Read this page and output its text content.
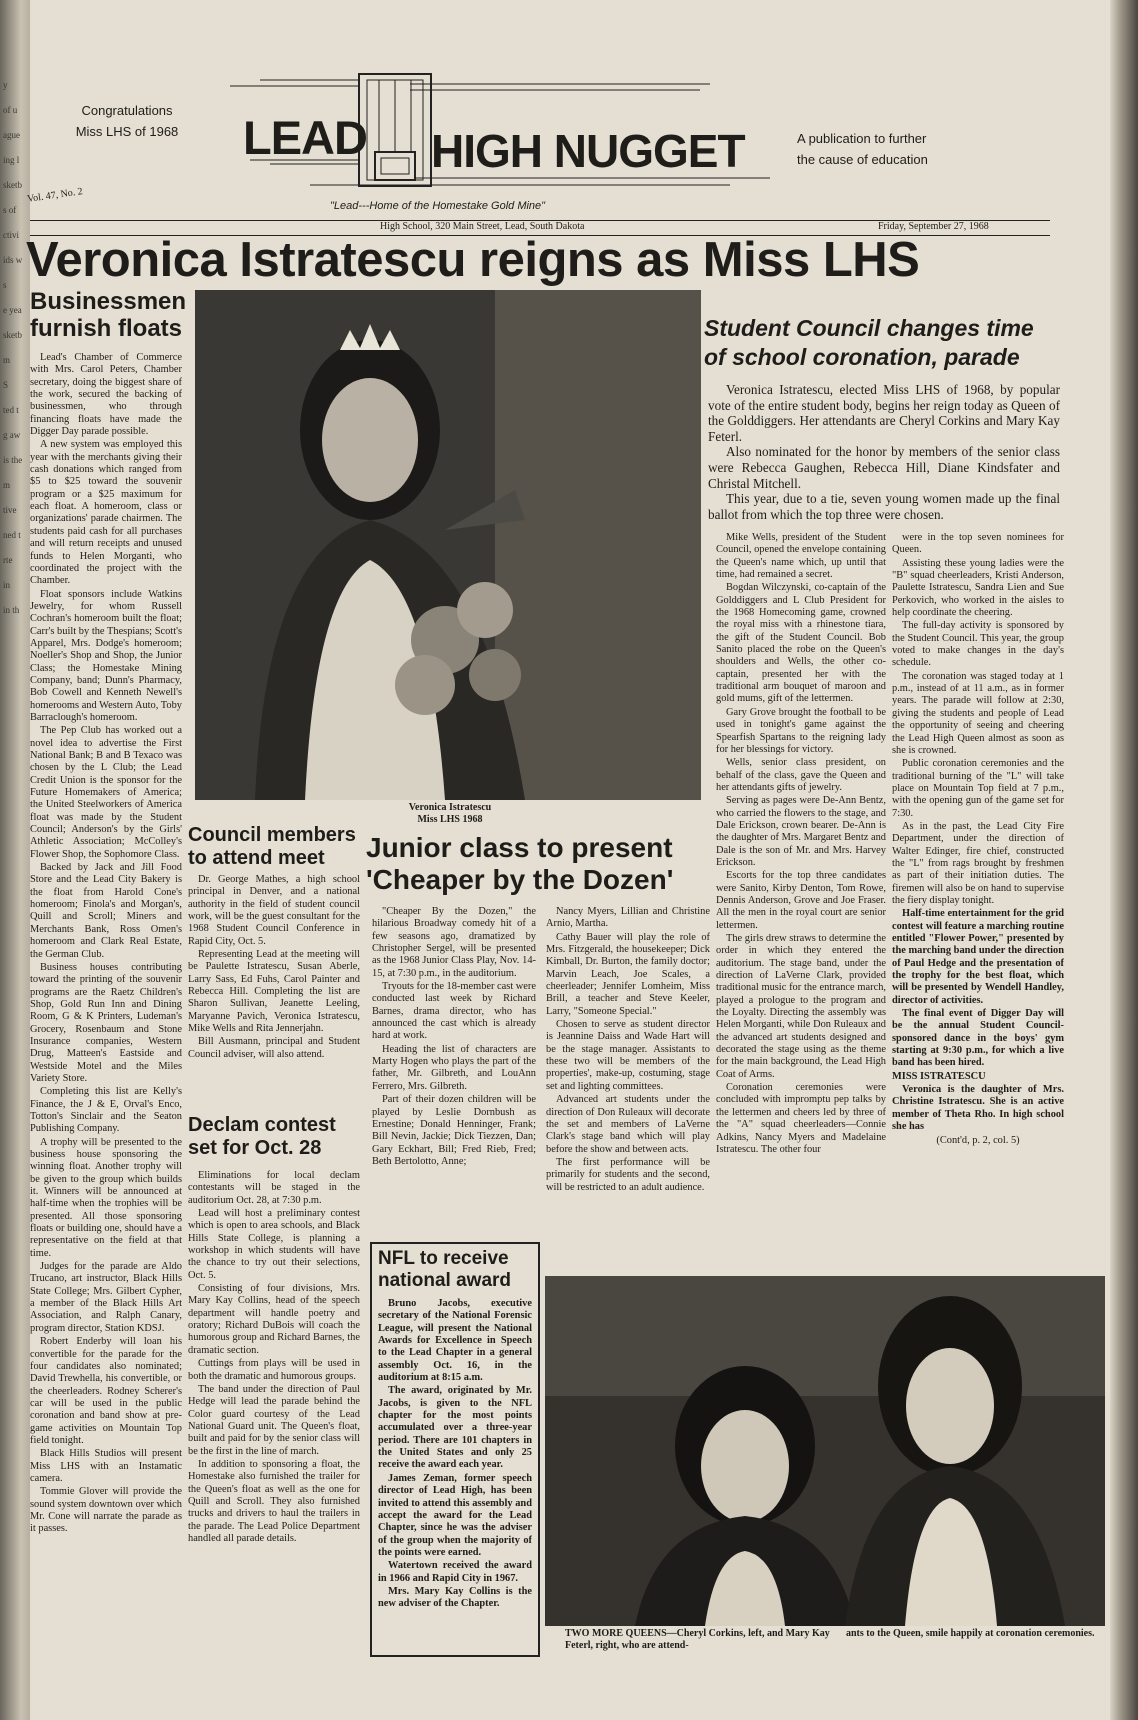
y
of u
ague
ing l
sketb
s of
ctivi
ids w
s
e yea
sketb
m
S
ted t
g aw
is the
m
tive
ned t
rte
in
in th
Congratulations
Miss LHS of 1968	LEAD HIGH NUGGET
"Lead---Home of the Homestake Gold Mine"
A publication to further
the cause of education
Vol. 47, No. 2
High School, 320 Main Street, Lead, South Dakota	Friday, September 27, 1968
Veronica Istratescu reigns as Miss LHS
Businessmen
furnish floats

Lead's Chamber of Commerce with Mrs. Carol Peters, Chamber secretary, doing the biggest share of the work, secured the backing of businessmen, who through financing floats have made the Digger Day parade possible.

A new system was employed this year with the merchants giving their cash donations which ranged from $5 to $25 toward the souvenir program or a $25 maximum for each float. A homeroom, class or organizations' parade chairmen. The students paid cash for all purchases and will return receipts and unused funds to Helen Morganti, who coordinated the project with the Chamber.

Float sponsors include Watkins Jewelry, for whom Russell Cochran's homeroom built the float; Carr's built by the Thespians; Scott's Apparel, Mrs. Dodge's homeroom; Noeller's Shop and Shop, the Junior Class; the Homestake Mining Company, band; Dunn's Pharmacy, Bob Cowell and Kenneth Newell's homerooms and Western Auto, Toby Barraclough's homeroom.

The Pep Club has worked out a novel idea to advertise the First National Bank; B and B Texaco was chosen by the L Club; the Lead Credit Union is the sponsor for the Future Homemakers of America; the United Steelworkers of America float was made by the Student Council; Anderson's by the Girls' Athletic Association; McColley's Flower Shop, the Sophomore Class.

Backed by Jack and Jill Food Store and the Lead City Bakery is the float from Harold Cone's homeroom; Finola's and Morgan's, Quill and Scroll; Miners and Merchants Bank, Ross Omen's homeroom and Clark Real Estate, the German Club.

Business houses contributing toward the printing of the souvenir programs are the Raetz Children's Shop, Gold Run Inn and Dining Room, G & K Printers, Ludeman's Grocery, Rosenbaum and Stone Insurance companies, Western Drug, Matteen's Eastside and Westside Motel and the Miles Variety Store.

Completing this list are Kelly's Finance, the J & E, Orval's Enco, Totton's Sinclair and the Seaton Publishing Company.

A trophy will be presented to the business house sponsoring the winning float. Another trophy will be given to the group which builds it. Winners will be announced at half-time when the trophies will be presented. All those sponsoring floats or building one, should have a representative on the field at that time.

Judges for the parade are Aldo Trucano, art instructor, Black Hills State College; Mrs. Gilbert Cypher, a member of the Black Hills Art Association, and Ralph Canary, program director, Station KDSJ.

Robert Enderby will loan his convertible for the parade for the four candidates also nominated; David Trewhella, his convertible, or the cheerleaders. Rodney Scherer's car will be used in the public coronation and band show at pre-game activities on Mountain Top field tonight.

Black Hills Studios will present Miss LHS with an Instamatic camera.

Tommie Glover will provide the sound system downtown over which Mr. Cone will narrate the parade as it passes.

Veronica Istratescu
Miss LHS 1968
Council members
to attend meet

Dr. George Mathes, a high school principal in Denver, and a national authority in the field of student council work, will be the guest consultant for the 1968 Student Council Conference in Rapid City, Oct. 5.

Representing Lead at the meeting will be Paulette Istratescu, Susan Aberle, Larry Sass, Ed Fuhs, Carol Painter and Rebecca Hill. Completing the list are Sharon Sullivan, Jeanette Leeling, Maryanne Pavich, Veronica Istratescu, Mike Wells and Rita Jennerjahn.

Bill Ausmann, principal and Student Council adviser, will also attend.

Declam contest
set for Oct. 28

Eliminations for local declam contestants will be staged in the auditorium Oct. 28, at 7:30 p.m.

Lead will host a preliminary contest which is open to area schools, and Black Hills State College, is planning a workshop in which students will have the chance to try out their selections, Oct. 5.

Consisting of four divisions, Mrs. Mary Kay Collins, head of the speech department will handle poetry and oratory; Richard DuBois will coach the humorous group and Richard Barnes, the dramatic section.

Cuttings from plays will be used in both the dramatic and humorous groups.

The band under the direction of Paul Hedge will lead the parade behind the Color guard courtesy of the Lead National Guard unit. The Queen's float, built and paid for by the senior class will be the first in the line of march.

In addition to sponsoring a float, the Homestake also furnished the trailer for the Queen's float as well as the one for Quill and Scroll. They also furnished trucks and drivers to haul the trailers in the parade. The Lead Police Department handled all parade details.

Junior class to present
'Cheaper by the Dozen'

"Cheaper By the Dozen," the hilarious Broadway comedy hit of a few seasons ago, dramatized by Christopher Sergel, will be presented as the 1968 Junior Class Play, Nov. 14-15, at 7:30 p.m., in the auditorium.

Tryouts for the 18-member cast were conducted last week by Richard Barnes, drama director, who has announced the cast which is already hard at work.

Heading the list of characters are Marty Hogen who plays the part of the father, Mr. Gilbreth, and LouAnn Ferrero, Mrs. Gilbreth.

Part of their dozen children will be played by Leslie Dornbush as Ernestine; Donald Henninger, Frank; Bill Nevin, Jackie; Dick Tiezzen, Dan; Gary Eckhart, Bill; Fred Rieb, Fred; Beth Bertolotto, Anne;

Nancy Myers, Lillian and Christine Arnio, Martha.

Cathy Bauer will play the role of Mrs. Fitzgerald, the housekeeper; Dick Kimball, Dr. Burton, the family doctor; Marvin Leach, Joe Scales, a cheerleader; Jennifer Lomheim, Miss Brill, a teacher and Steve Keeler, Larry, "Someone Special."

Chosen to serve as student director is Jeannine Daiss and Wade Hart will be the stage manager. Assistants to these two will be members of the properties', make-up, costuming, stage set and lighting committees.

Advanced art students under the direction of Don Ruleaux will decorate the set and members of LaVerne Clark's stage band which will play before the show and between acts.

The first performance will be primarily for students and the second, will be restricted to an adult audience.

NFL to receive
national award

Bruno Jacobs, executive secretary of the National Forensic League, will present the National Awards for Excellence in Speech to the Lead Chapter in a general assembly Oct. 16, in the auditorium at 8:15 a.m.

The award, originated by Mr. Jacobs, is given to the NFL chapter for the most points accumulated over a three-year period. There are 101 chapters in the United States and only 25 receive the award each year.

James Zeman, former speech director of Lead High, has been invited to attend this assembly and accept the award for the Lead Chapter, since he was the adviser of the group when the majority of the points were earned.

Watertown received the award in 1966 and Rapid City in 1967.

Mrs. Mary Kay Collins is the new adviser of the Chapter.

Student Council changes time
of school coronation, parade

Veronica Istratescu, elected Miss LHS of 1968, by popular vote of the entire student body, begins her reign today as Queen of the Golddiggers. Her attendants are Cheryl Corkins and Mary Kay Feterl.

Also nominated for the honor by members of the senior class were Rebecca Gaughen, Rebecca Hill, Diane Kindsfater and Christal Mitchell.

This year, due to a tie, seven young women made up the final ballot from which the top three were chosen.

Mike Wells, president of the Student Council, opened the envelope containing the Queen's name which, up until that time, had remained a secret.

Bogdan Wilczynski, co-captain of the Golddiggers and L Club President for the 1968 Homecoming game, crowned the royal miss with a rhinestone tiara, the gift of the Student Council. Bob Sanito placed the robe on the Queen's shoulders and Wells, the other co-captain, presented her with the traditional arm bouquet of maroon and gold mums, gift of the lettermen.

Gary Grove brought the football to be used in tonight's game against the Spearfish Spartans to the reigning lady for her blessings for victory.

Wells, senior class president, on behalf of the class, gave the Queen and her attendants gifts of jewelry.

Serving as pages were De-Ann Bentz, who carried the flowers to the stage, and Dale Erickson, crown bearer. De-Ann is the daughter of Mrs. Margaret Bentz and Dale is the son of Mr. and Mrs. Harvey Erickson.

Escorts for the top three candidates were Sanito, Kirby Denton, Tom Rowe, Dennis Anderson, Grove and Joe Fraser. All the men in the royal court are senior lettermen.

The girls drew straws to determine the order in which they entered the auditorium. The stage band, under the direction of LaVerne Clark, provided traditional music for the entrance march, played a prologue to the program and the Loyalty. Directing the assembly was Helen Morganti, while Don Ruleaux and the advanced art students designed and decorated the stage using as the theme for the main background, the Lead High Coat of Arms.

Coronation ceremonies were concluded with impromptu pep talks by the lettermen and cheers led by three of the "A" squad cheerleaders—Connie Adkins, Nancy Myers and Madelaine Istratescu. The other four

were in the top seven nominees for Queen.

Assisting these young ladies were the "B" squad cheerleaders, Kristi Anderson, Paulette Istratescu, Sandra Lien and Sue Perkovich, who worked in the aisles to help coordinate the cheering.

The full-day activity is sponsored by the Student Council. This year, the group voted to make changes in the day's schedule.

The coronation was staged today at 1 p.m., instead of at 11 a.m., as in former years. The parade will follow at 2:30, giving the students and people of Lead the opportunity of seeing and cheering the Lead High Queen almost as soon as she is crowned.

Public coronation ceremonies and the traditional burning of the "L" will take place on Mountain Top field at 7 p.m., with the opening gun of the game set for 7:30.

As in the past, the Lead City Fire Department, under the direction of Walter Edinger, fire chief, constructed the "L" from rags brought by freshmen as part of their initiation duties. The firemen will also be on hand to supervise the fiery display tonight.

Half-time entertainment for the grid contest will feature a marching routine entitled "Flower Power," presented by the marching band under the direction of Paul Hedge and the presentation of the trophy for the best float, which will be presented by Wendell Handley, director of activities.

The final event of Digger Day will be the annual Student Council-sponsored dance in the boys' gym starting at 9:30 p.m., for which a live band has been hired.

MISS ISTRATESCU

Veronica is the daughter of Mrs. Christine Istratescu. She is an active member of Theta Rho. In high school she has

(Cont'd, p. 2, col. 5)

TWO MORE QUEENS—Cheryl Corkins, left, and Mary Kay Feterl, right, who are attend-
ants to the Queen, smile happily at coronation ceremonies.
